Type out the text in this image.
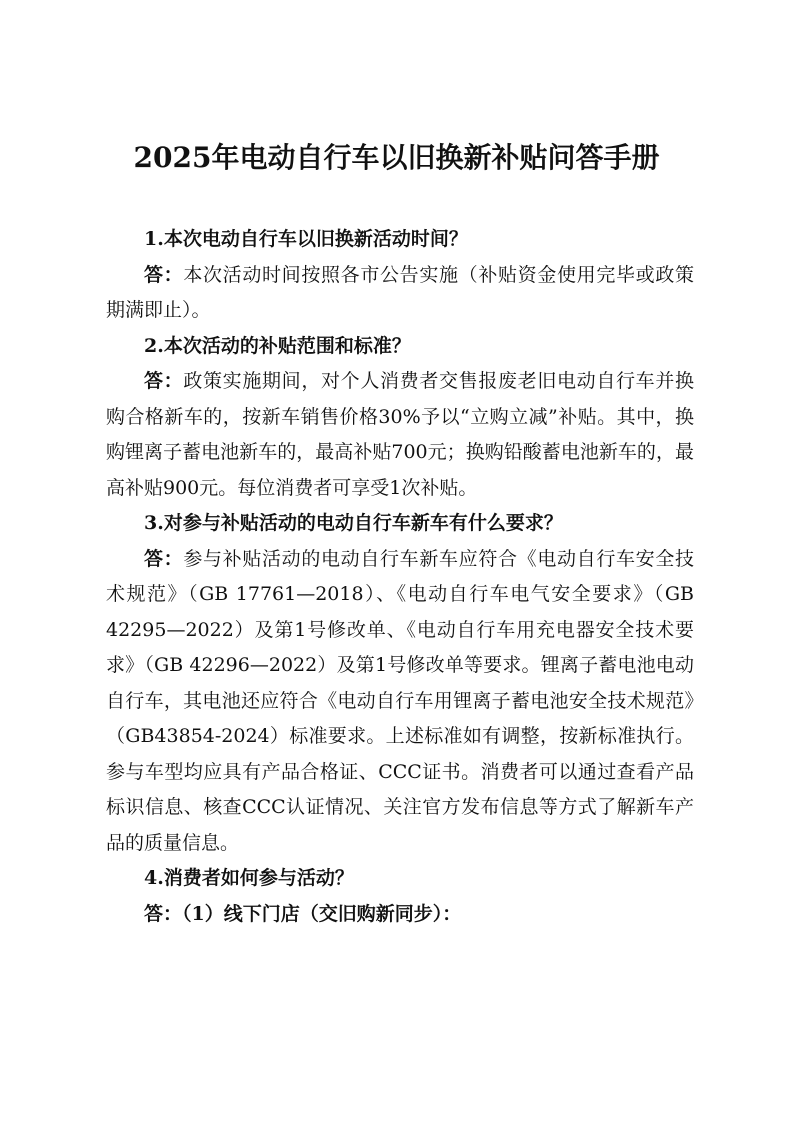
2025年电动自行车以旧换新补贴问答手册

1.本次电动自行车以旧换新活动时间？

答：本次活动时间按照各市公告实施（补贴资金使用完毕或政策期满即止）。

2.本次活动的补贴范围和标准？

答：政策实施期间，对个人消费者交售报废老旧电动自行车并换购合格新车的，按新车销售价格30%予以“立购立减”补贴。其中，换购锂离子蓄电池新车的，最高补贴700元；换购铅酸蓄电池新车的，最高补贴900元。每位消费者可享受1次补贴。

3.对参与补贴活动的电动自行车新车有什么要求？

答：参与补贴活动的电动自行车新车应符合《电动自行车安全技术规范》（GB 17761—2018）、《电动自行车电气安全要求》（GB 42295—2022）及第1号修改单、《电动自行车用充电器安全技术要求》（GB 42296—2022）及第1号修改单等要求。锂离子蓄电池电动自行车，其电池还应符合《电动自行车用锂离子蓄电池安全技术规范》（GB43854-2024）标准要求。上述标准如有调整，按新标准执行。参与车型均应具有产品合格证、CCC证书。消费者可以通过查看产品标识信息、核查CCC认证情况、关注官方发布信息等方式了解新车产品的质量信息。

4.消费者如何参与活动？

答：（1）线下门店（交旧购新同步）：
